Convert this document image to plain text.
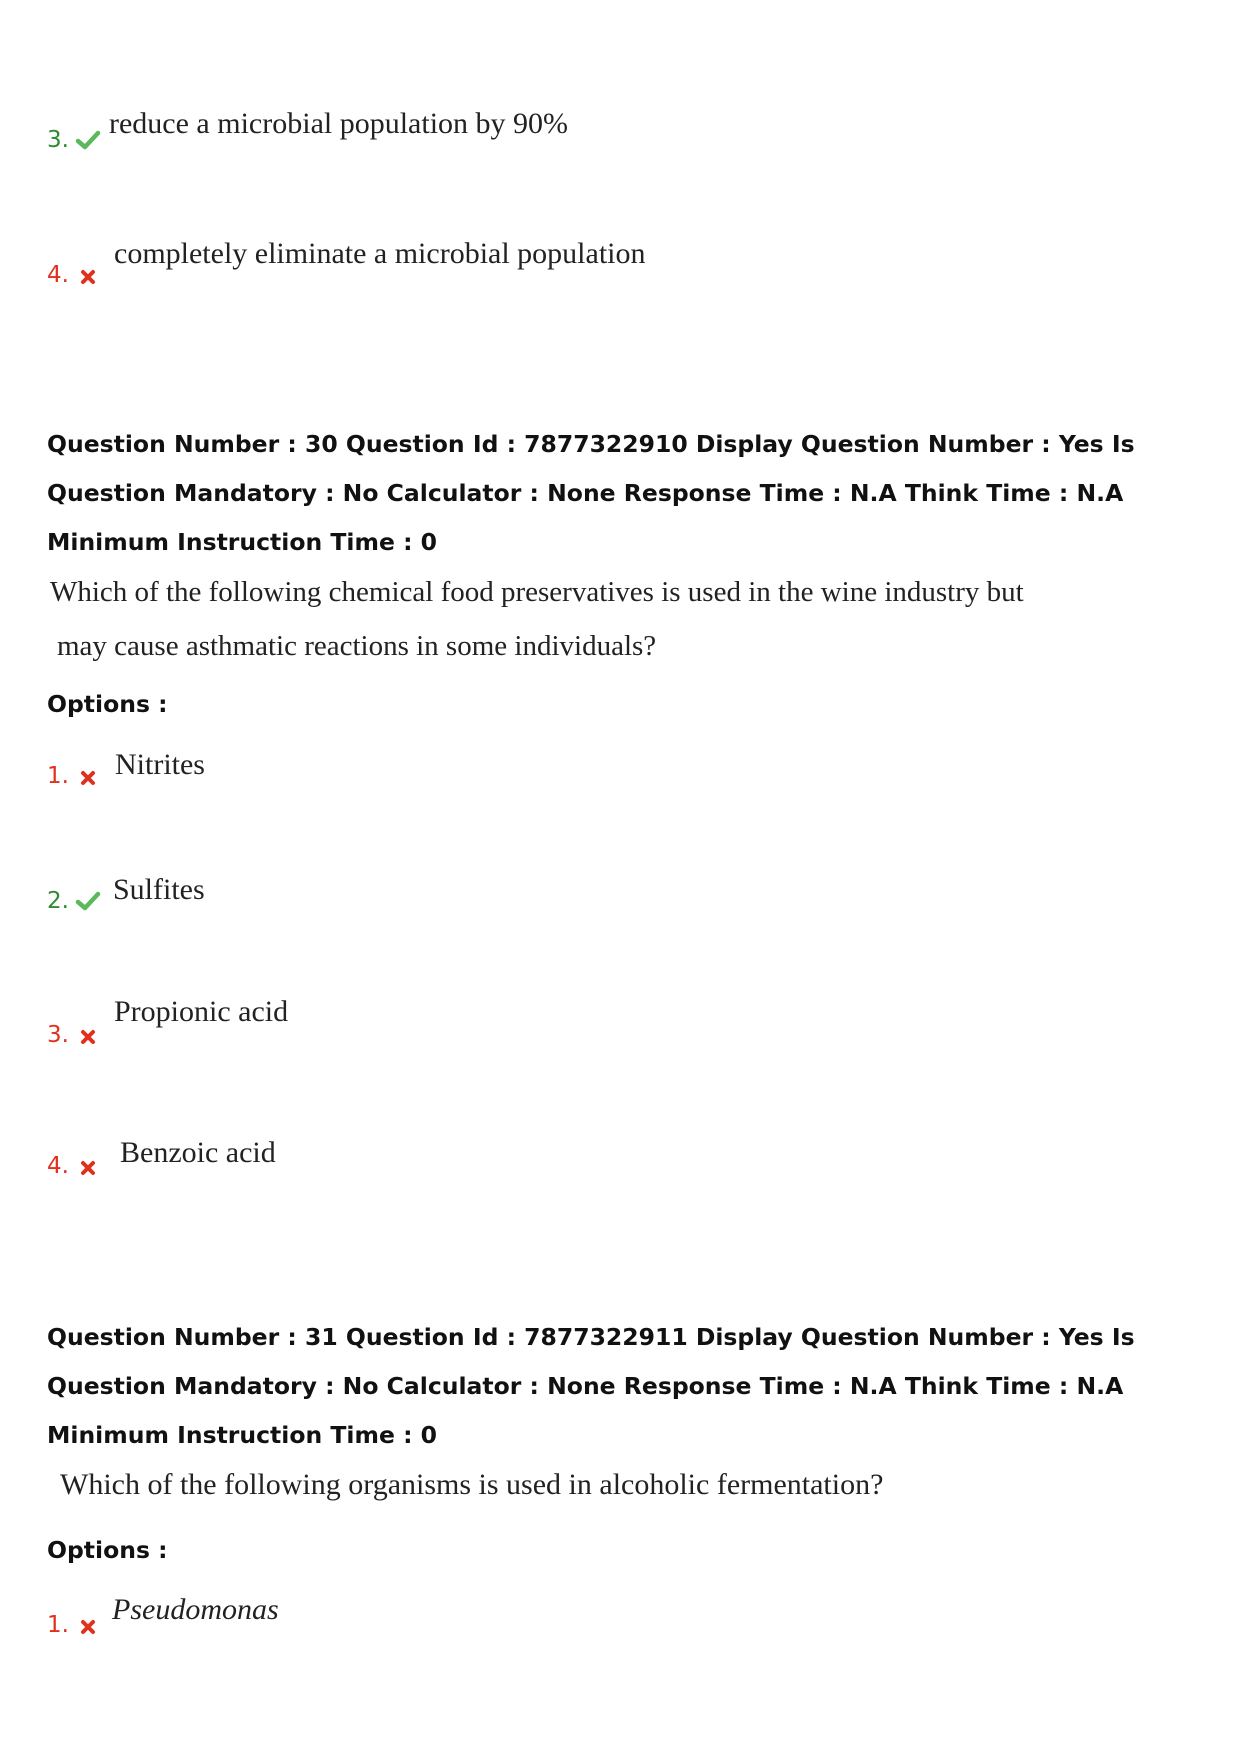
3. reduce a microbial population by 90%
4.
completely eliminate a microbial population
Question Number : 30 Question Id : 7877322910 Display Question Number : Yes Is Question Mandatory : No Calculator : None Response Time : N.A Think Time : N.A Minimum Instruction Time : 0
Which of the following chemical food preservatives is used in the wine industry but
may cause asthmatic reactions in some individuals?
Options :
1. Nitrites
2. Sulfites
3.
Propionic acid
4. Benzoic acid
Question Number : 31 Question Id : 7877322911 Display Question Number : Yes Is Question Mandatory : No Calculator : None Response Time : N.A Think Time : N.A Minimum Instruction Time : 0
Which of the following organisms is used in alcoholic fermentation?
Options :
1. Pseudomonas
